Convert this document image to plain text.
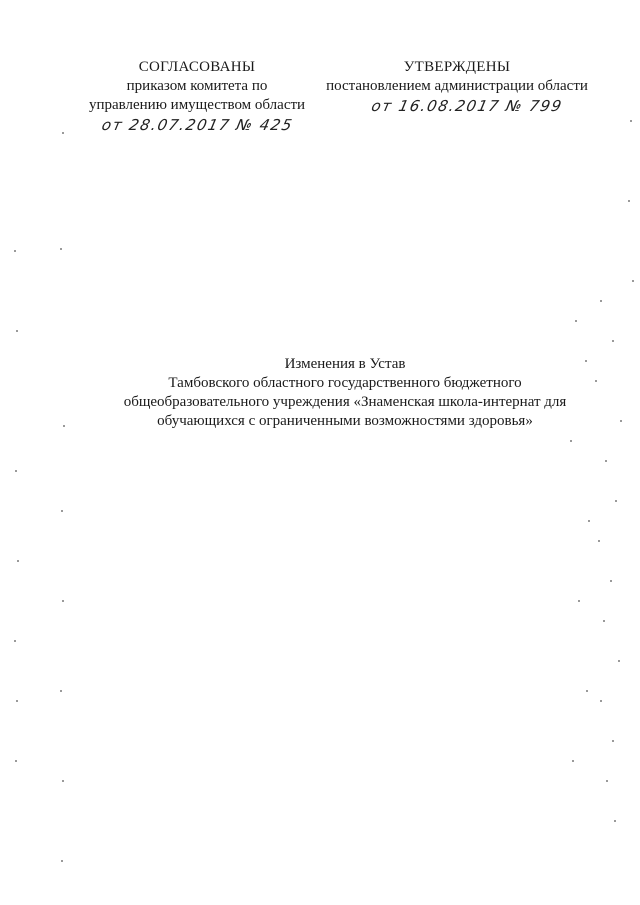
СОГЛАСОВАНЫ
приказом комитета по
управлению имуществом области
от 28.07.2017 № 425
УТВЕРЖДЕНЫ
постановлением администрации области
от 16.08.2017 № 799
Изменения в Устав
Тамбовского областного государственного бюджетного
общеобразовательного учреждения «Знаменская школа-интернат для
обучающихся с ограниченными возможностями здоровья»
